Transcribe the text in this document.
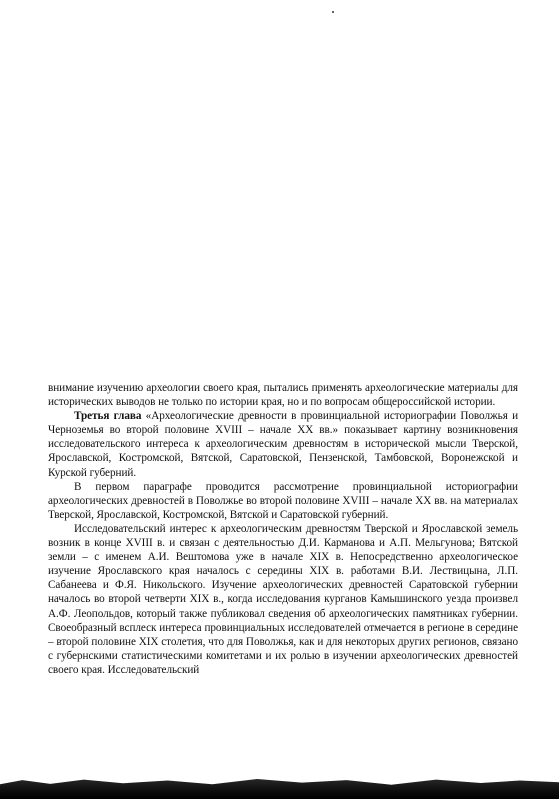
внимание изучению археологии своего края, пытались применять археологические материалы для исторических выводов не только по истории края, но и по вопросам общероссийской истории.

Третья глава «Археологические древности в провинциальной историографии Поволжья и Черноземья во второй половине XVIII – начале XX вв.» показывает картину возникновения исследовательского интереса к археологическим древностям в исторической мысли Тверской, Ярославской, Костромской, Вятской, Саратовской, Пензенской, Тамбовской, Воронежской и Курской губерний.

В первом параграфе проводится рассмотрение провинциальной историографии археологических древностей в Поволжье во второй половине XVIII – начале XX вв. на материалах Тверской, Ярославской, Костромской, Вятской и Саратовской губерний.

Исследовательский интерес к археологическим древностям Тверской и Ярославской земель возник в конце XVIII в. и связан с деятельностью Д.И. Карманова и А.П. Мельгунова; Вятской земли – с именем А.И. Вештомова уже в начале XIX в. Непосредственно археологическое изучение Ярославского края началось с середины XIX в. работами В.И. Лествицына, Л.П. Сабанеева и Ф.Я. Никольского. Изучение археологических древностей Саратовской губернии началось во второй четверти XIX в., когда исследования курганов Камышинского уезда произвел А.Ф. Леопольдов, который также публиковал сведения об археологических памятниках губернии. Своеобразный всплеск интереса провинциальных исследователей отмечается в регионе в середине – второй половине XIX столетия, что для Поволжья, как и для некоторых других регионов, связано с губернскими статистическими комитетами и их ролью в изучении археологических древностей своего края. Исследовательский
